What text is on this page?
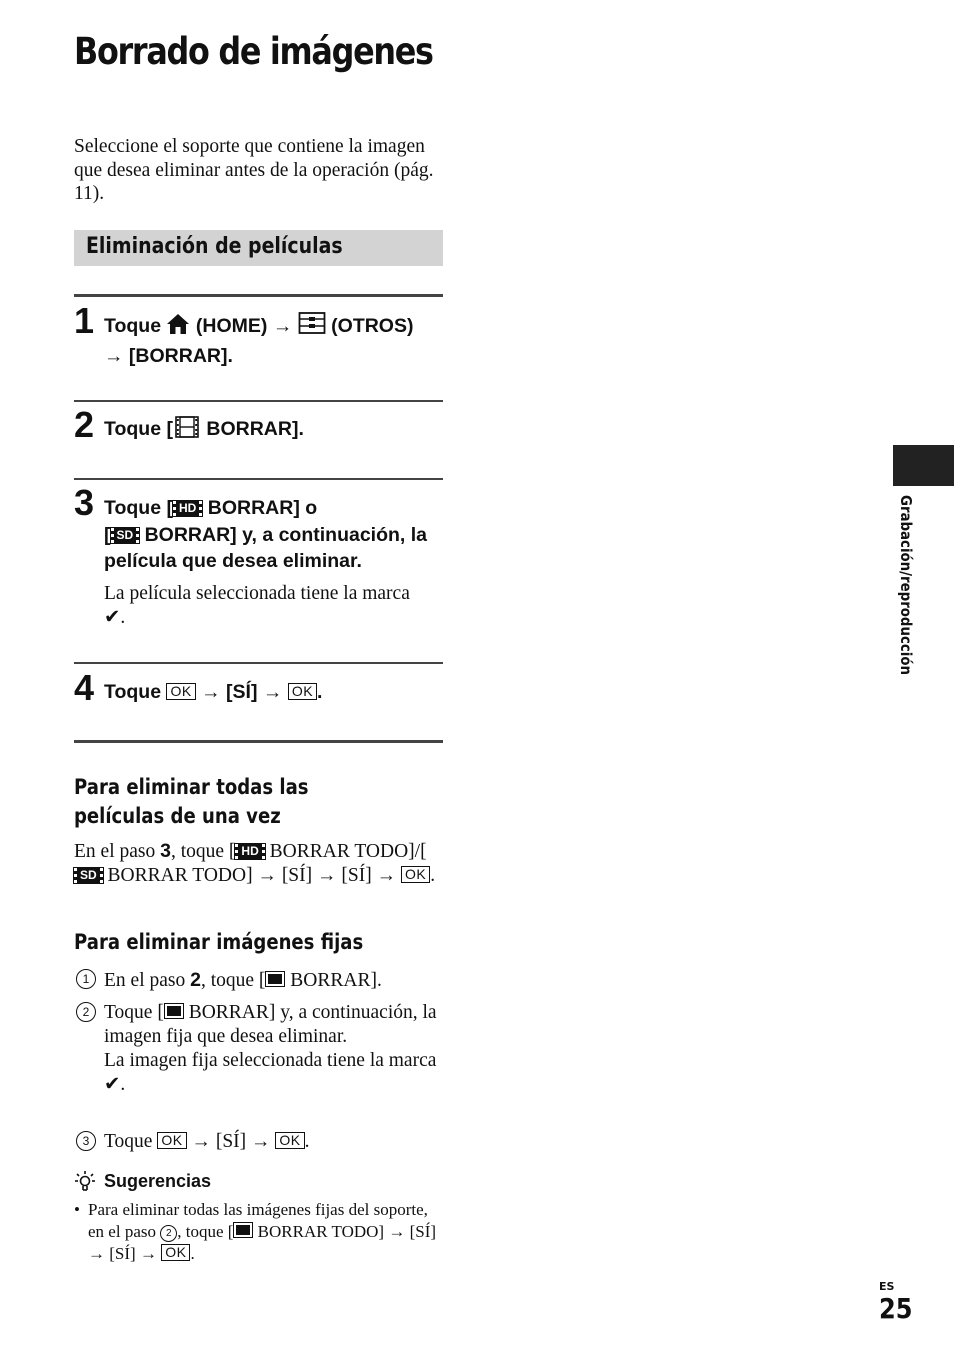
Borrado de imágenes
Seleccione el soporte que contiene la imagen que desea eliminar antes de la operación (pág. 11).
Eliminación de películas
1 Toque (HOME) → (OTROS)
→ [BORRAR].
2 Toque [ BORRAR].
3 Toque [ HD BORRAR] o
[ SD BORRAR] y, a continuación, la película que desea eliminar.
La película seleccionada tiene la marca
✔.
4 Toque OK → [SÍ] → OK .
Para eliminar todas las películas de una vez
En el paso 3, toque [ HD BORRAR TODO]/[SD BORRAR TODO] → [SÍ] → [SÍ] → OK .
Para eliminar imágenes fijas
1 En el paso 2, toque [ BORRAR].
2 Toque [ BORRAR] y, a continuación, la imagen fija que desea eliminar.
La imagen fija seleccionada tiene la marca ✔.
3 Toque OK → [SÍ] → OK .
Sugerencias
• Para eliminar todas las imágenes fijas del soporte, en el paso 2 , toque [ BORRAR TODO] → [SÍ] → [SÍ] → OK .
Grabación/reproducción
ES
25
